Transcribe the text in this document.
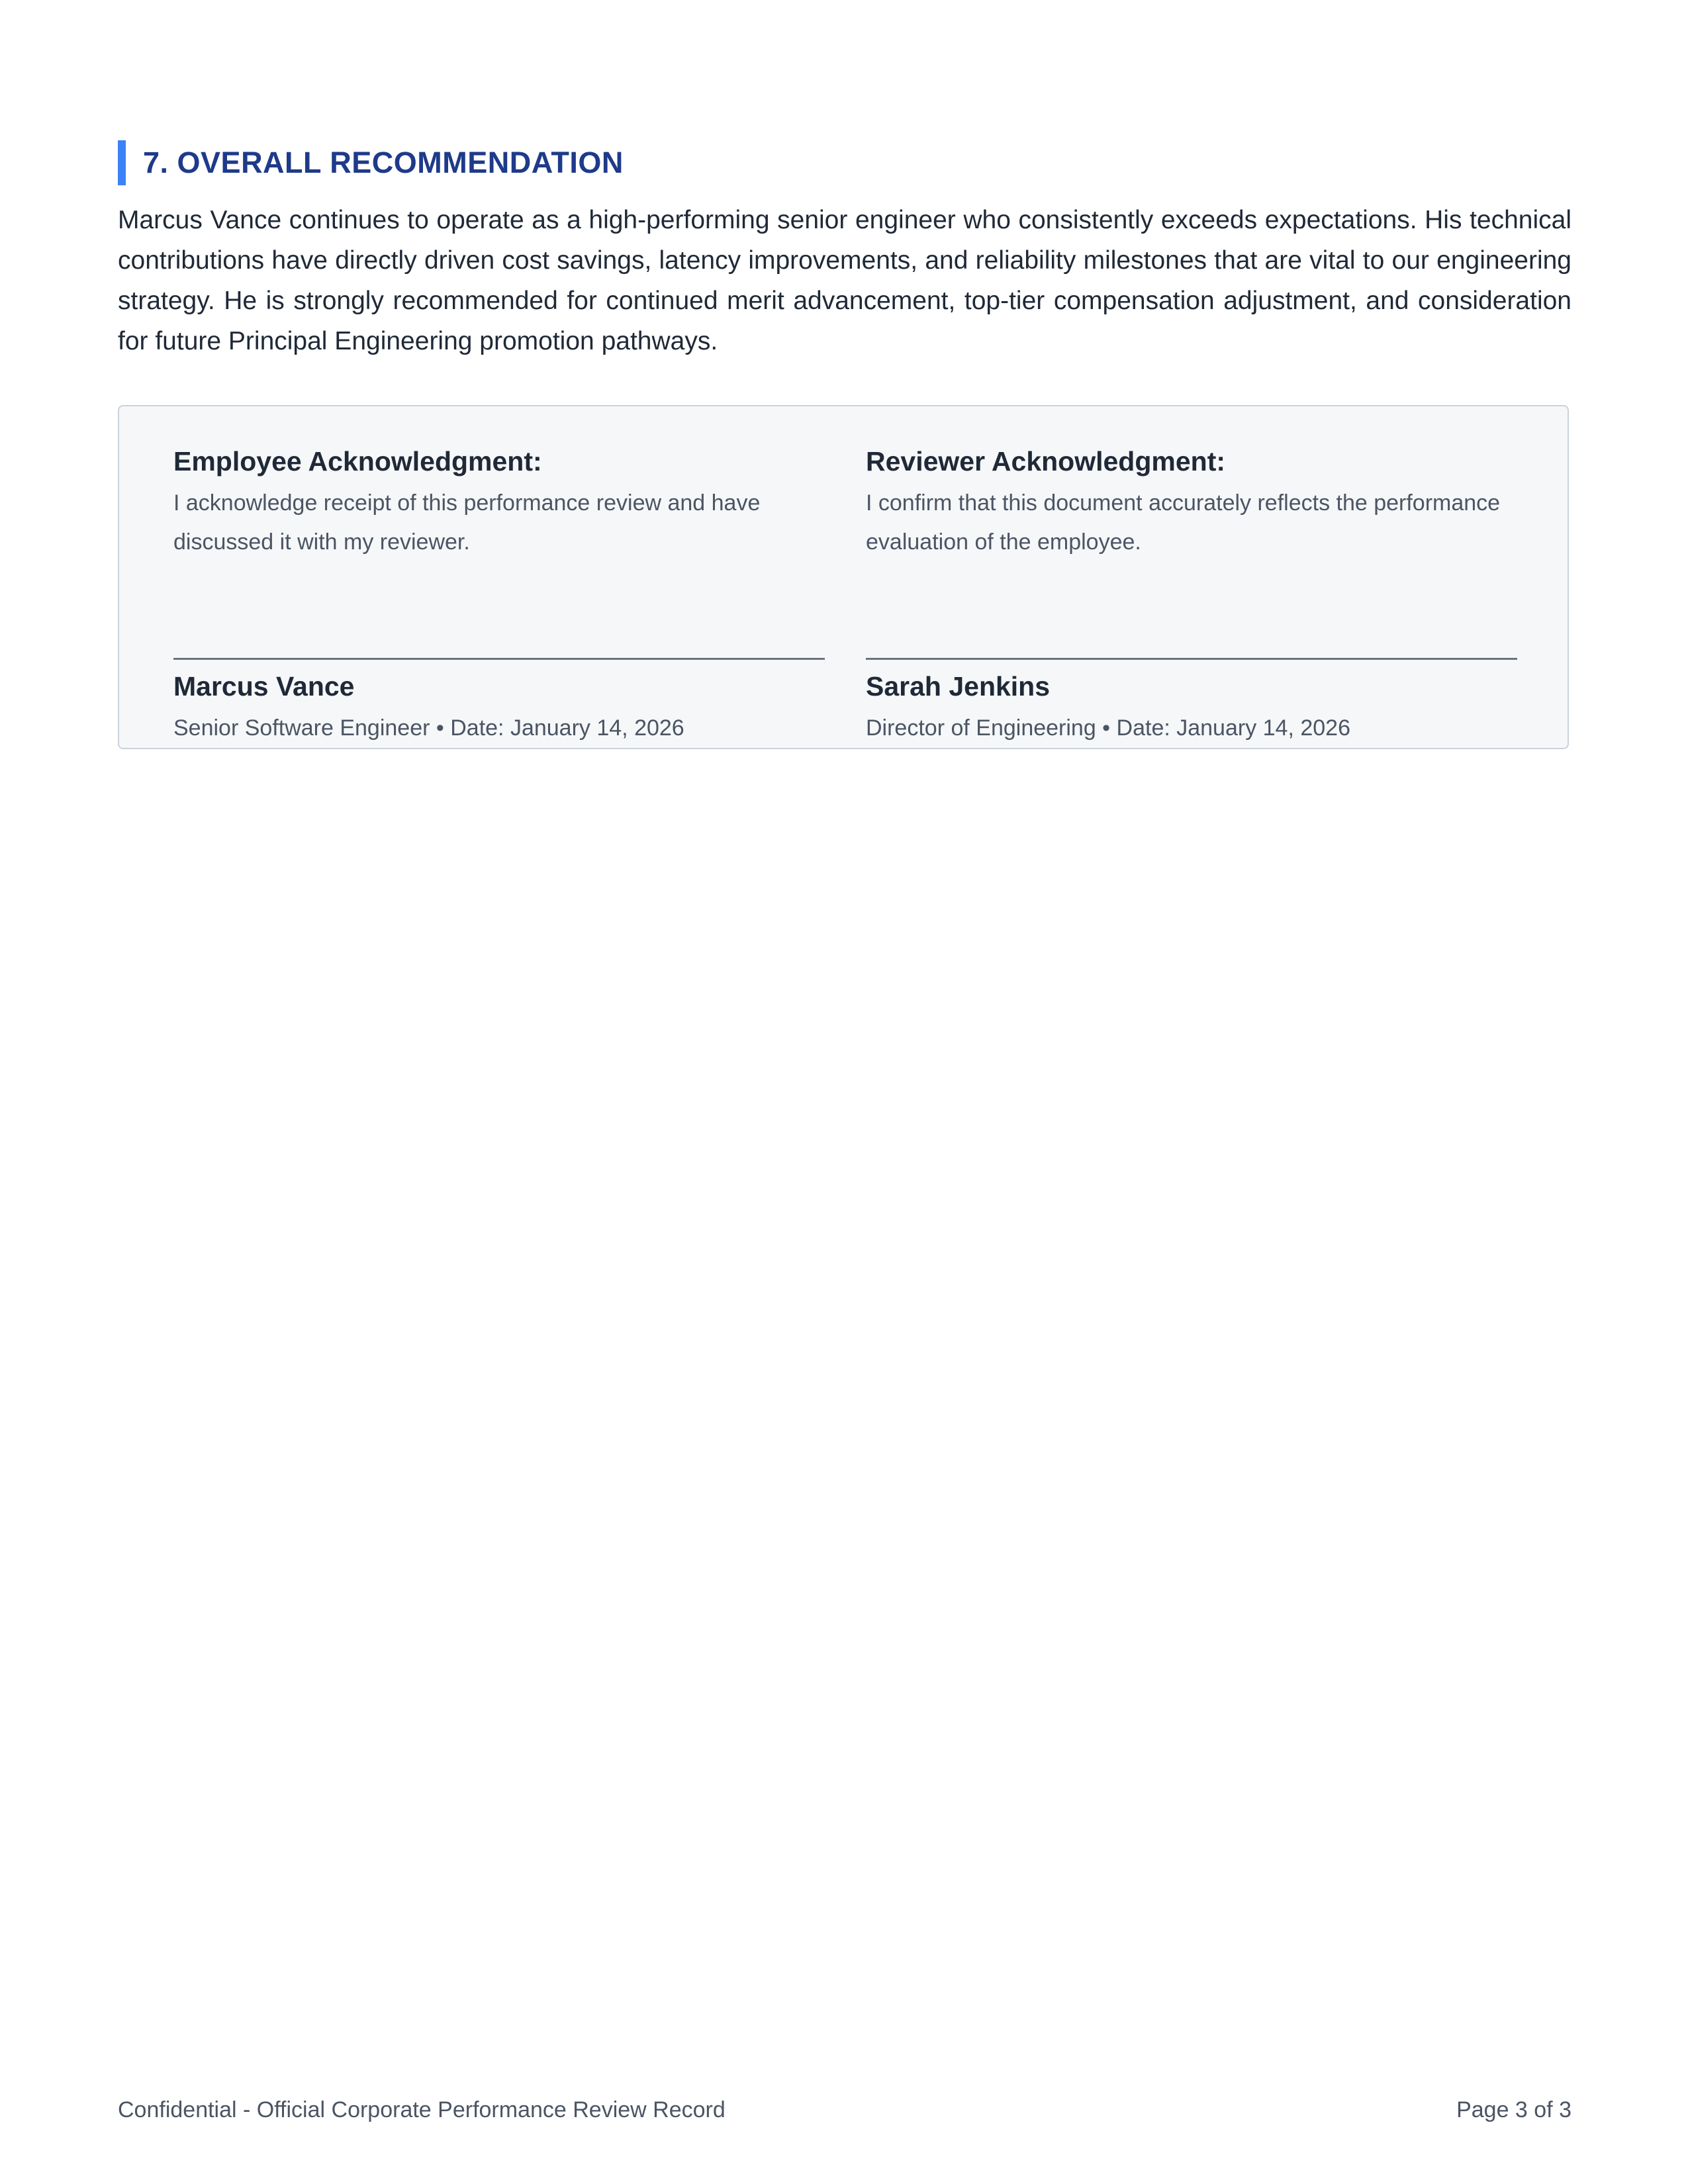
7. OVERALL RECOMMENDATION

Marcus Vance continues to operate as a high-performing senior engineer who consistently exceeds expectations. His technical contributions have directly driven cost savings, latency improvements, and reliability milestones that are vital to our engineering strategy. He is strongly recommended for continued merit advancement, top-tier compensation adjustment, and consideration for future Principal Engineering promotion pathways.

Employee Acknowledgment:
I acknowledge receipt of this performance review and have discussed it with my reviewer.
Marcus Vance
Senior Software Engineer • Date: January 14, 2026
Reviewer Acknowledgment:
I confirm that this document accurately reflects the performance evaluation of the employee.
Sarah Jenkins
Director of Engineering • Date: January 14, 2026
Confidential - Official Corporate Performance Review Record	Page 3 of 3
